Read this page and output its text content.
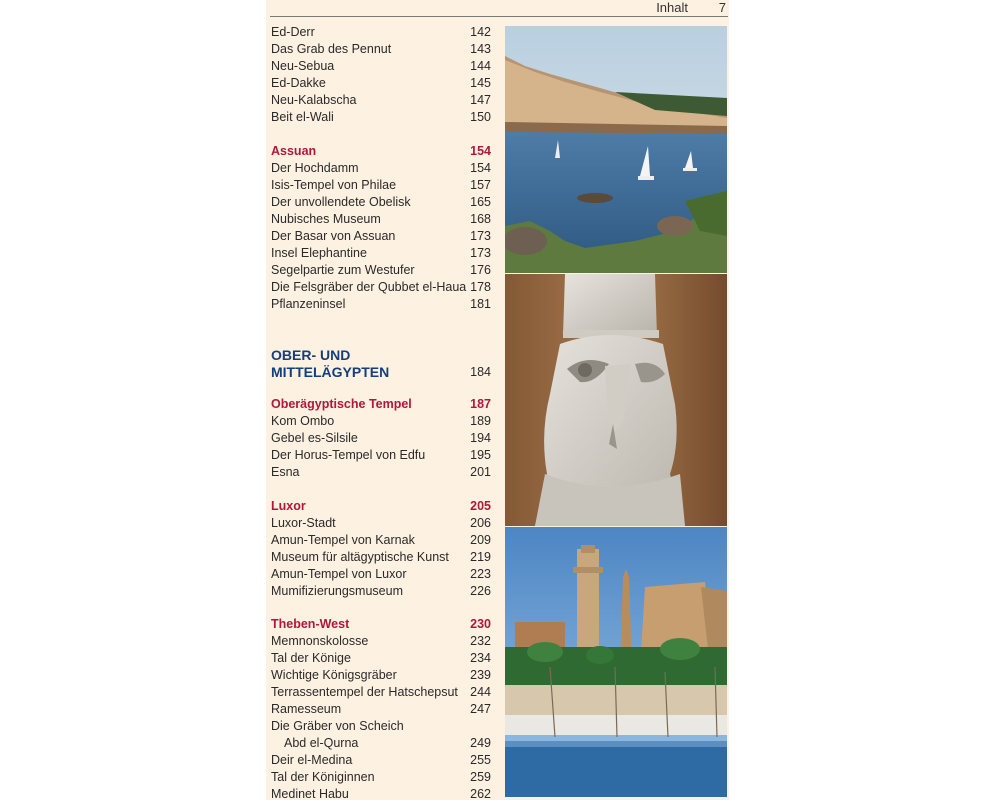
Inhalt 7
Ed-Derr	142
Das Grab des Pennut	143
Neu-Sebua	144
Ed-Dakke	145
Neu-Kalabscha	147
Beit el-Wali	150
Assuan	154
Der Hochdamm	154
Isis-Tempel von Philae	157
Der unvollendete Obelisk	165
Nubisches Museum	168
Der Basar von Assuan	173
Insel Elephantine	173
Segelpartie zum Westufer	176
Die Felsgräber der Qubbet el-Haua 178
Pflanzeninsel	181
OBER- UND
MITTELÄGYPTEN	184
Oberägyptische Tempel	187
Kom Ombo	189
Gebel es-Silsile	194
Der Horus-Tempel von Edfu	195
Esna	201
Luxor	205
Luxor-Stadt	206
Amun-Tempel von Karnak	209
Museum für altägyptische Kunst 219
Amun-Tempel von Luxor	223
Mumifizierungsmuseum	226
Theben-West	230
Memnonskolosse	232
Tal der Könige	234
Wichtige Königsgräber	239
Terrassentempel der Hatschepsut 244
Ramesseum	247
Die Gräber von Scheich
Abd el-Qurna	249
Deir el-Medina	255
Tal der Königinnen	259
Medinet Habu	262
